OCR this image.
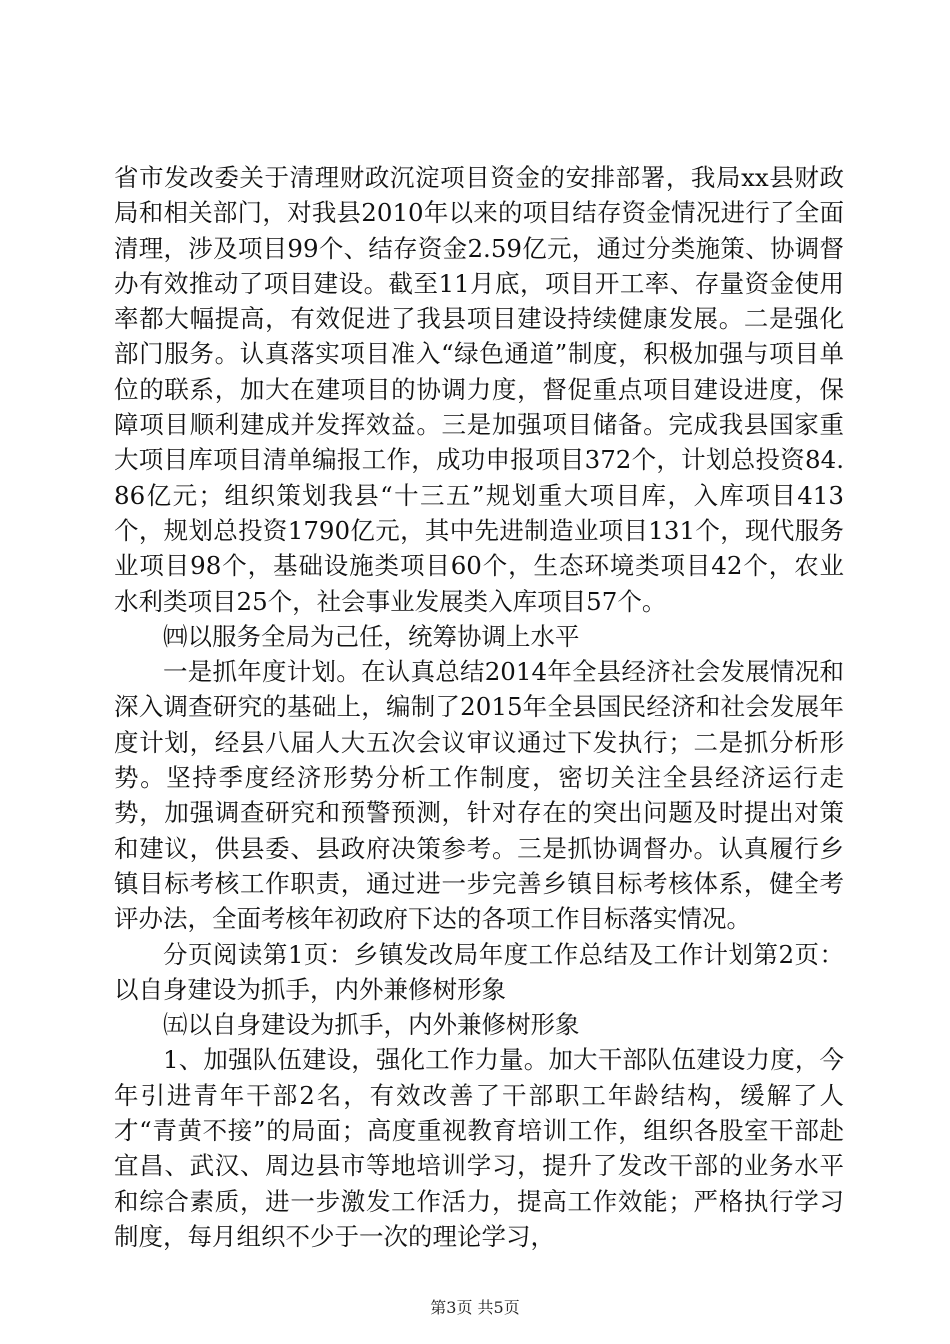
省市发改委关于清理财政沉淀项目资金的安排部署，我局xx县财政局和相关部门，对我县2010年以来的项目结存资金情况进行了全面清理，涉及项目99个、结存资金2.59亿元，通过分类施策、协调督办有效推动了项目建设。截至11月底，项目开工率、存量资金使用率都大幅提高，有效促进了我县项目建设持续健康发展。二是强化部门服务。认真落实项目准入“绿色通道”制度，积极加强与项目单位的联系，加大在建项目的协调力度，督促重点项目建设进度，保障项目顺利建成并发挥效益。三是加强项目储备。完成我县国家重大项目库项目清单编报工作，成功申报项目372个，计划总投资84.86亿元；组织策划我县“十三五”规划重大项目库，入库项目413个，规划总投资1790亿元，其中先进制造业项目131个，现代服务业项目98个，基础设施类项目60个，生态环境类项目42个，农业水利类项目25个，社会事业发展类入库项目57个。

㈣以服务全局为己任，统筹协调上水平

一是抓年度计划。在认真总结2014年全县经济社会发展情况和深入调查研究的基础上，编制了2015年全县国民经济和社会发展年度计划，经县八届人大五次会议审议通过下发执行；二是抓分析形势。坚持季度经济形势分析工作制度，密切关注全县经济运行走势，加强调查研究和预警预测，针对存在的突出问题及时提出对策和建议，供县委、县政府决策参考。三是抓协调督办。认真履行乡镇目标考核工作职责，通过进一步完善乡镇目标考核体系，健全考评办法，全面考核年初政府下达的各项工作目标落实情况。

分页阅读第1页：乡镇发改局年度工作总结及工作计划第2页：以自身建设为抓手，内外兼修树形象

㈤以自身建设为抓手，内外兼修树形象

1、加强队伍建设，强化工作力量。加大干部队伍建设力度，今年引进青年干部2名，有效改善了干部职工年龄结构，缓解了人才“青黄不接”的局面；高度重视教育培训工作，组织各股室干部赴宜昌、武汉、周边县市等地培训学习，提升了发改干部的业务水平和综合素质，进一步激发工作活力，提高工作效能；严格执行学习制度，每月组织不少于一次的理论学习，

第3页 共5页
